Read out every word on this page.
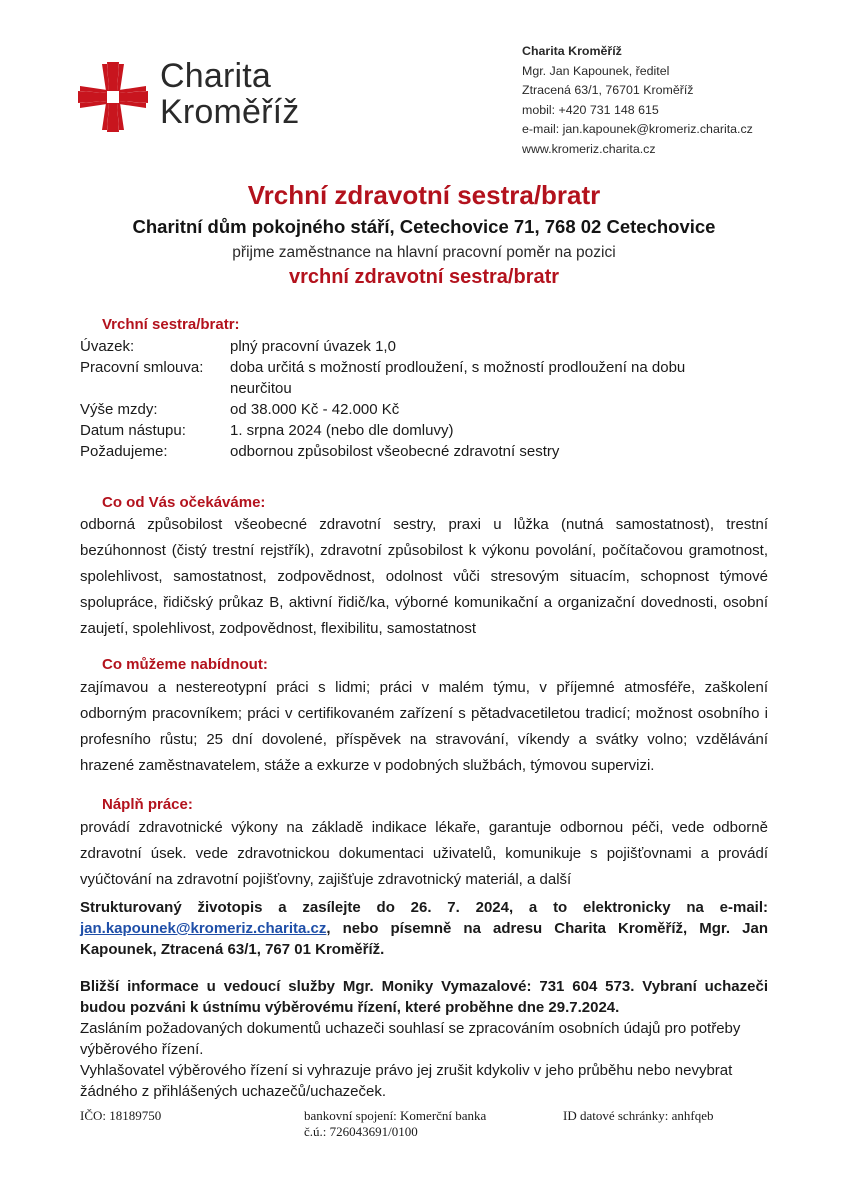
Charita
Kroměříž
Charita Kroměříž
Mgr. Jan Kapounek, ředitel
Ztracená 63/1, 76701 Kroměříž
mobil: +420 731 148 615
e-mail: jan.kapounek@kromeriz.charita.cz
www.kromeriz.charita.cz
Vrchní zdravotní sestra/bratr
Charitní dům pokojného stáří, Cetechovice 71, 768 02 Cetechovice
přijme zaměstnance na hlavní pracovní poměr na pozici
vrchní zdravotní sestra/bratr
Vrchní sestra/bratr:
Úvazek:	plný pracovní úvazek 1,0
Pracovní smlouva:	doba určitá s možností prodloužení, s možností prodloužení na dobu neurčitou
Výše mzdy:	od 38.000 Kč - 42.000 Kč
Datum nástupu:	1. srpna 2024 (nebo dle domluvy)
Požadujeme:	odbornou způsobilost všeobecné zdravotní sestry
Co od Vás očekáváme:
odborná způsobilost všeobecné zdravotní sestry, praxi u lůžka (nutná samostatnost), trestní bezúhonnost (čistý trestní rejstřík), zdravotní způsobilost k výkonu povolání, počítačovou gramotnost, spolehlivost, samostatnost, zodpovědnost, odolnost vůči stresovým situacím, schopnost týmové spolupráce, řidičský průkaz B, aktivní řidič/ka, výborné komunikační a organizační dovednosti, osobní zaujetí, spolehlivost, zodpovědnost, flexibilitu, samostatnost
Co můžeme nabídnout:
zajímavou a nestereotypní práci s lidmi; práci v malém týmu, v příjemné atmosféře, zaškolení odborným pracovníkem; práci v certifikovaném zařízení s pětadvacetiletou tradicí; možnost osobního i profesního růstu; 25 dní dovolené, příspěvek na stravování, víkendy a svátky volno; vzdělávání hrazené zaměstnavatelem, stáže a exkurze v podobných službách, týmovou supervizi.
Náplň práce:
provádí zdravotnické výkony na základě indikace lékaře, garantuje odbornou péči, vede odborně zdravotní úsek. vede zdravotnickou dokumentaci uživatelů, komunikuje s pojišťovnami a provádí vyúčtování na zdravotní pojišťovny, zajišťuje zdravotnický materiál, a další
Strukturovaný životopis a zasílejte do 26. 7. 2024, a to elektronicky na e-mail: jan.kapounek@kromeriz.charita.cz, nebo písemně na adresu Charita Kroměříž, Mgr. Jan Kapounek, Ztracená 63/1, 767 01 Kroměříž.
Bližší informace u vedoucí služby Mgr. Moniky Vymazalové: 731 604 573. Vybraní uchazeči budou pozváni k ústnímu výběrovému řízení, které proběhne dne 29.7.2024.
Zasláním požadovaných dokumentů uchazeči souhlasí se zpracováním osobních údajů pro potřeby výběrového řízení.
Vyhlašovatel výběrového řízení si vyhrazuje právo jej zrušit kdykoliv v jeho průběhu nebo nevybrat žádného z přihlášených uchazečů/uchazeček.
IČO: 18189750	bankovní spojení: Komerční banka
č.ú.: 726043691/0100
ID datové schránky: anhfqeb
